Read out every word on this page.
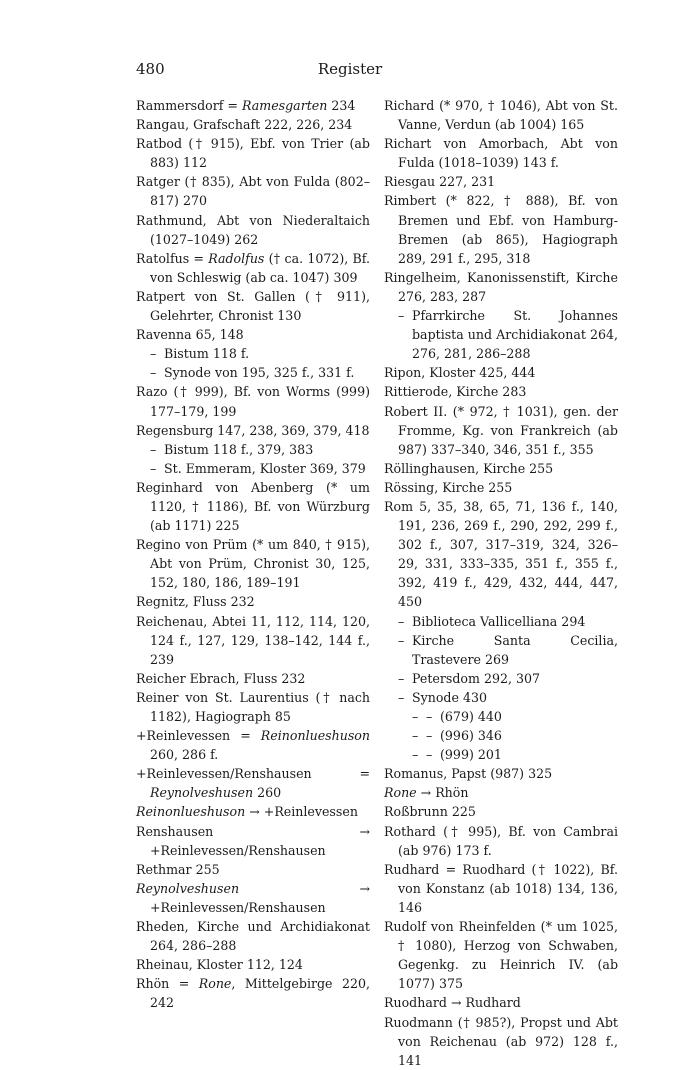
480	Register
Rammersdorf = Ramesgarten 234
Rangau, Grafschaft 222, 226, 234
Ratbod († 915), Ebf. von Trier (ab 883) 112
Ratger († 835), Abt von Fulda (802–817) 270
Rathmund, Abt von Niederaltaich (1027–1049) 262
Ratolfus = Radolfus († ca. 1072), Bf. von Schleswig (ab ca. 1047) 309
Ratpert von St. Gallen († 911), Gelehrter, Chronist 130
Ravenna 65, 148
– Bistum 118 f.
– Synode von 195, 325 f., 331 f.
Razo († 999), Bf. von Worms (999) 177–179, 199
Regensburg 147, 238, 369, 379, 418
– Bistum 118 f., 379, 383
– St. Emmeram, Kloster 369, 379
Reginhard von Abenberg (* um 1120, † 1186), Bf. von Würzburg (ab 1171) 225
Regino von Prüm (* um 840, † 915), Abt von Prüm, Chronist 30, 125, 152, 180, 186, 189–191
Regnitz, Fluss 232
Reichenau, Abtei 11, 112, 114, 120, 124 f., 127, 129, 138–142, 144 f., 239
Reicher Ebrach, Fluss 232
Reiner von St. Laurentius († nach 1182), Hagiograph 85
+Reinlevessen = Reinonlueshuson 260, 286 f.
+Reinlevessen/Renshausen = Reynolveshusen 260
Reinonlueshuson → +Reinlevessen
Renshausen → +Reinlevessen/Renshausen
Rethmar 255
Reynolveshusen → +Reinlevessen/Renshausen
Rheden, Kirche und Archidiakonat 264, 286–288
Rheinau, Kloster 112, 124
Rhön = Rone, Mittelgebirge 220, 242
Richard (* 970, † 1046), Abt von St. Vanne, Verdun (ab 1004) 165
Richart von Amorbach, Abt von Fulda (1018–1039) 143 f.
Riesgau 227, 231
Rimbert (* 822, † 888), Bf. von Bremen und Ebf. von Hamburg-Bremen (ab 865), Hagiograph 289, 291 f., 295, 318
Ringelheim, Kanonissenstift, Kirche 276, 283, 287
– Pfarrkirche St. Johannes baptista und Archidiakonat 264, 276, 281, 286–288
Ripon, Kloster 425, 444
Rittierode, Kirche 283
Robert II. (* 972, † 1031), gen. der Fromme, Kg. von Frankreich (ab 987) 337–340, 346, 351 f., 355
Röllinghausen, Kirche 255
Rössing, Kirche 255
Rom 5, 35, 38, 65, 71, 136 f., 140, 191, 236, 269 f., 290, 292, 299 f., 302 f., 307, 317–319, 324, 326–29, 331, 333–335, 351 f., 355 f., 392, 419 f., 429, 432, 444, 447, 450
– Biblioteca Vallicelliana 294
– Kirche Santa Cecilia, Trastevere 269
– Petersdom 292, 307
– Synode 430
– – (679) 440
– – (996) 346
– – (999) 201
Romanus, Papst (987) 325
Rone → Rhön
Roßbrunn 225
Rothard († 995), Bf. von Cambrai (ab 976) 173 f.
Rudhard = Ruodhard († 1022), Bf. von Konstanz (ab 1018) 134, 136, 146
Rudolf von Rheinfelden (* um 1025, † 1080), Herzog von Schwaben, Gegenkg. zu Heinrich IV. (ab 1077) 375
Ruodhard → Rudhard
Ruodmann († 985?), Propst und Abt von Reichenau (ab 972) 128 f., 141
